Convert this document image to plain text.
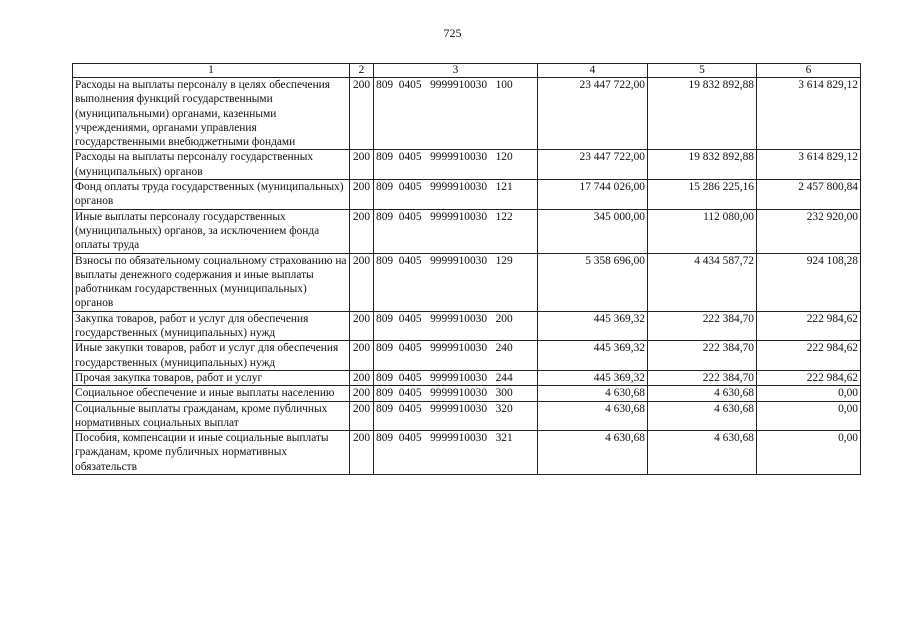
725
1	2	3	4	5	6
Расходы на выплаты персоналу в целях обеспечения выполнения функций государственными (муниципальными) органами, казенными учреждениями, органами управления государственными внебюджетными фондами	200	809  0405   9999910030   100	23 447 722,00	19 832 892,88	3 614 829,12
Расходы на выплаты персоналу государственных (муниципальных) органов	200	809  0405   9999910030   120	23 447 722,00	19 832 892,88	3 614 829,12
Фонд оплаты труда государственных (муниципальных) органов	200	809  0405   9999910030   121	17 744 026,00	15 286 225,16	2 457 800,84
Иные выплаты персоналу государственных (муниципальных) органов, за исключением фонда оплаты труда	200	809  0405   9999910030   122	345 000,00	112 080,00	232 920,00
Взносы по обязательному социальному страхованию на выплаты денежного содержания и иные выплаты работникам государственных (муниципальных) органов	200	809  0405   9999910030   129	5 358 696,00	4 434 587,72	924 108,28
Закупка товаров, работ и услуг для обеспечения государственных (муниципальных) нужд	200	809  0405   9999910030   200	445 369,32	222 384,70	222 984,62
Иные закупки товаров, работ и услуг для обеспечения государственных (муниципальных) нужд	200	809  0405   9999910030   240	445 369,32	222 384,70	222 984,62
Прочая закупка товаров, работ и услуг	200	809  0405   9999910030   244	445 369,32	222 384,70	222 984,62
Социальное обеспечение и иные выплаты населению	200	809  0405   9999910030   300	4 630,68	4 630,68	0,00
Социальные выплаты гражданам, кроме публичных нормативных социальных выплат	200	809  0405   9999910030   320	4 630,68	4 630,68	0,00
Пособия, компенсации и иные социальные выплаты гражданам, кроме публичных нормативных обязательств	200	809  0405   9999910030   321	4 630,68	4 630,68	0,00
